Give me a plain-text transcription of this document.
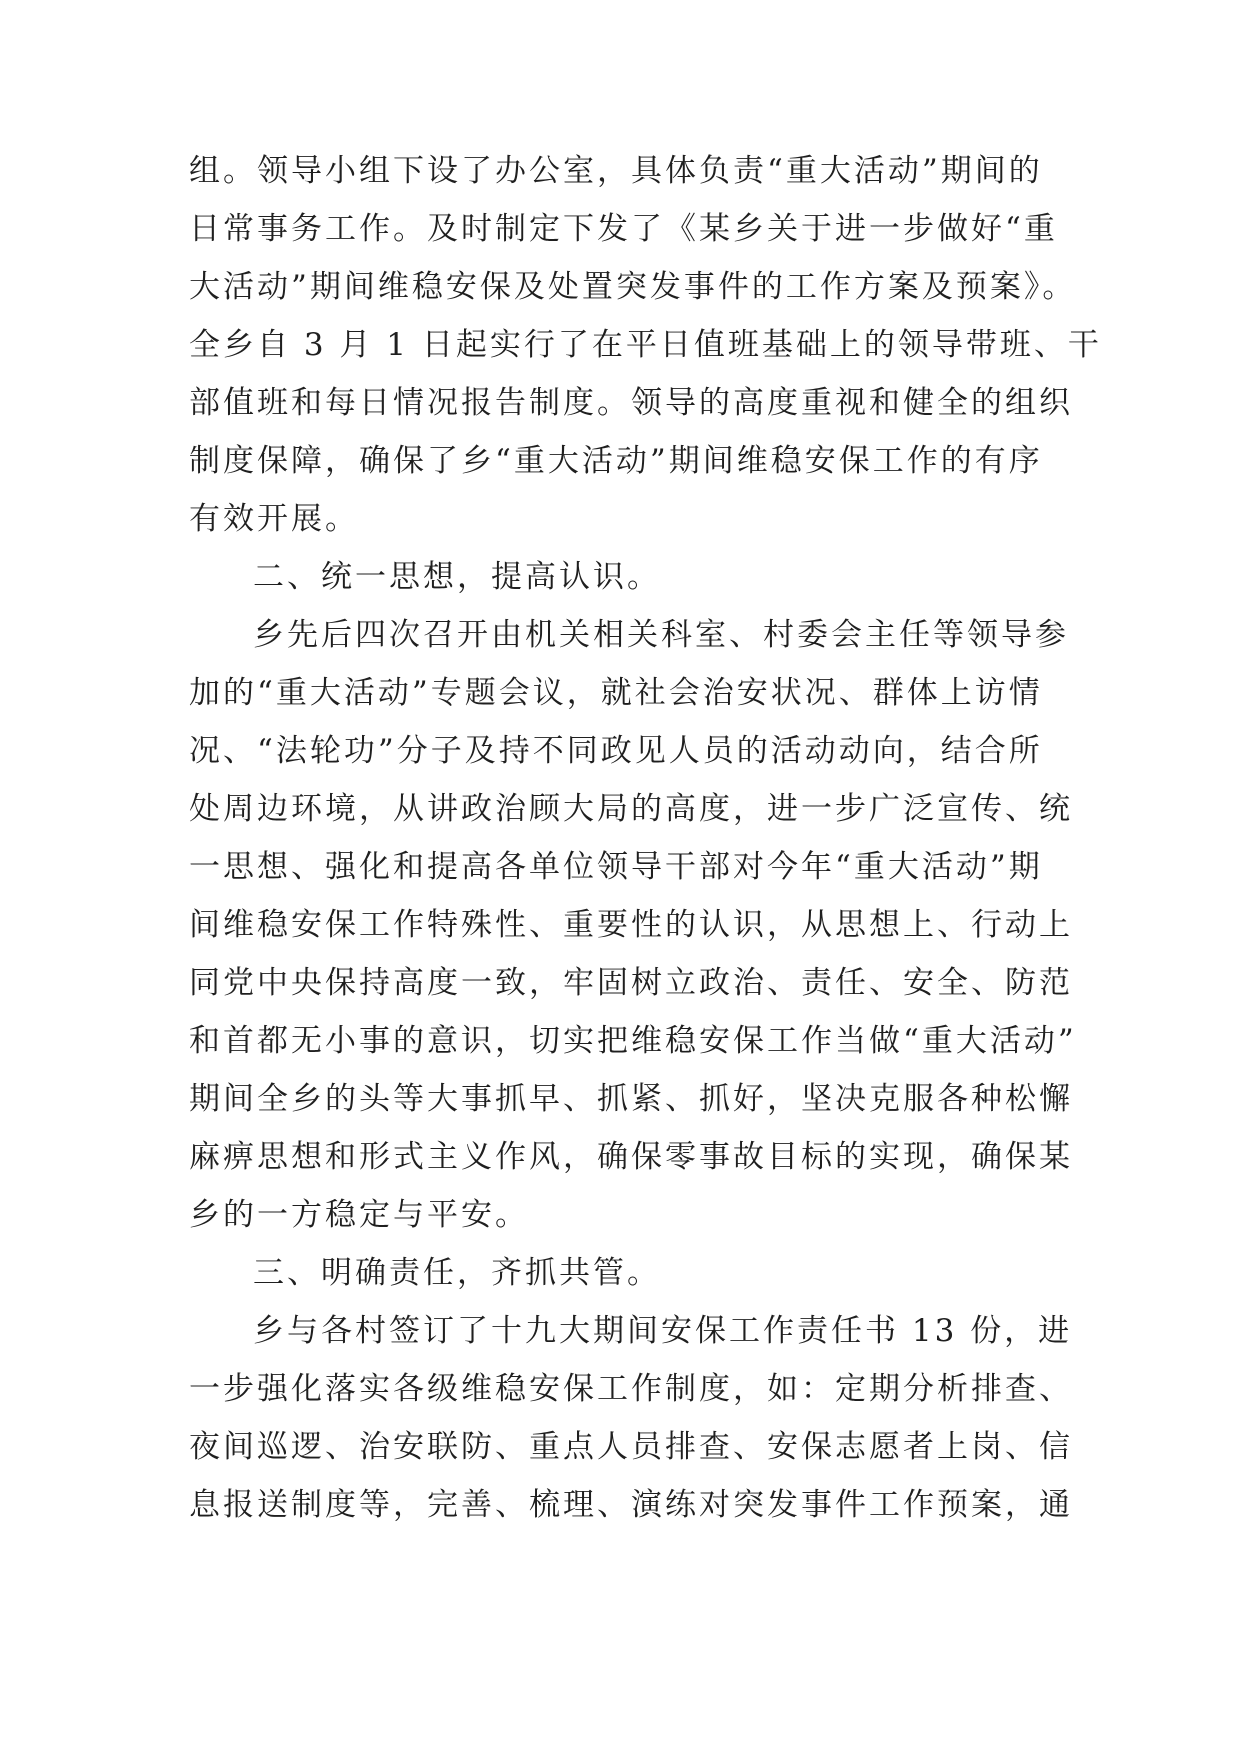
组。领导小组下设了办公室，具体负责“重大活动”期间的

日常事务工作。及时制定下发了《某乡关于进一步做好“重

大活动”期间维稳安保及处置突发事件的工作方案及预案》。

全乡自 3 月 1 日起实行了在平日值班基础上的领导带班、干

部值班和每日情况报告制度。领导的高度重视和健全的组织

制度保障，确保了乡“重大活动”期间维稳安保工作的有序

有效开展。

二、统一思想，提高认识。

乡先后四次召开由机关相关科室、村委会主任等领导参

加的“重大活动”专题会议，就社会治安状况、群体上访情

况、“法轮功”分子及持不同政见人员的活动动向，结合所

处周边环境，从讲政治顾大局的高度，进一步广泛宣传、统

一思想、强化和提高各单位领导干部对今年“重大活动”期

间维稳安保工作特殊性、重要性的认识，从思想上、行动上

同党中央保持高度一致，牢固树立政治、责任、安全、防范

和首都无小事的意识，切实把维稳安保工作当做“重大活动”

期间全乡的头等大事抓早、抓紧、抓好，坚决克服各种松懈

麻痹思想和形式主义作风，确保零事故目标的实现，确保某

乡的一方稳定与平安。

三、明确责任，齐抓共管。

乡与各村签订了十九大期间安保工作责任书 13 份，进

一步强化落实各级维稳安保工作制度，如：定期分析排查、

夜间巡逻、治安联防、重点人员排查、安保志愿者上岗、信

息报送制度等，完善、梳理、演练对突发事件工作预案，通
